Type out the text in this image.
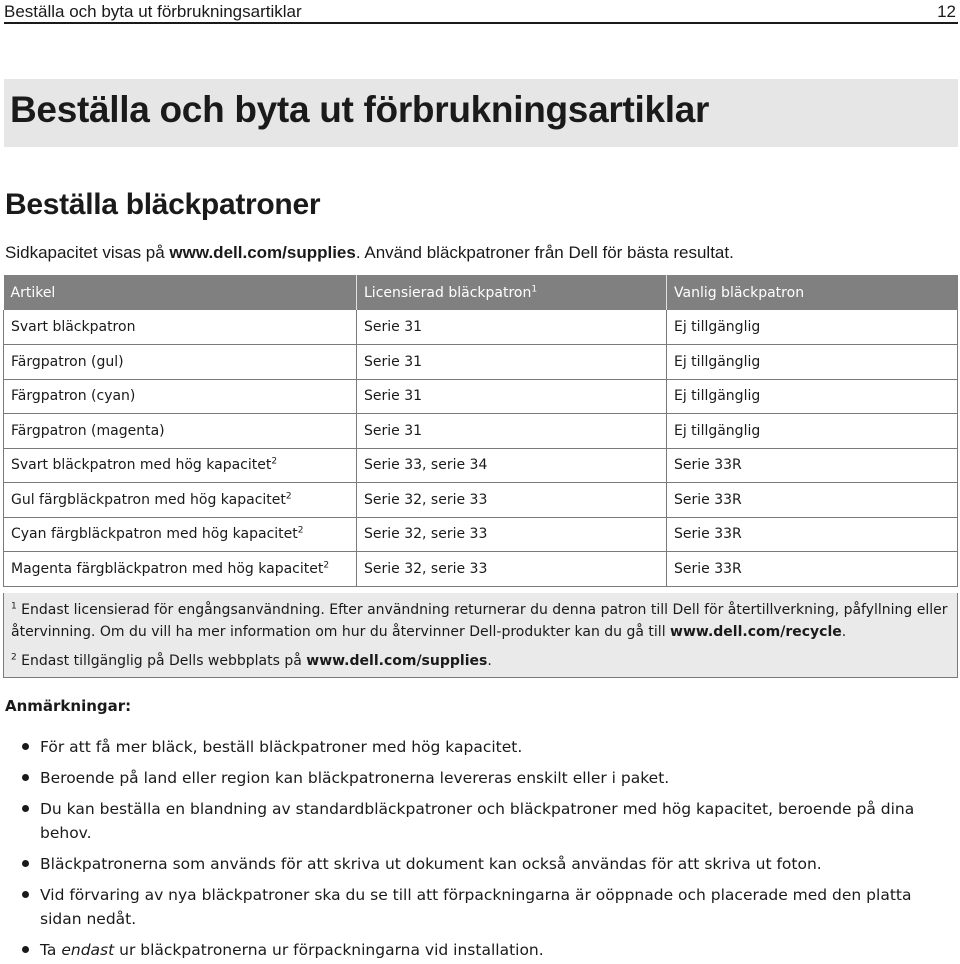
Beställa och byta ut förbrukningsartiklar	12
Beställa och byta ut förbrukningsartiklar
Beställa bläckpatroner

Sidkapacitet visas på www.dell.com/supplies. Använd bläckpatroner från Dell för bästa resultat.

Artikel	Licensierad bläckpatron$^1$	Vanlig bläckpatron
Svart bläckpatron	Serie 31	Ej tillgänglig
Färgpatron (gul)	Serie 31	Ej tillgänglig
Färgpatron (cyan)	Serie 31	Ej tillgänglig
Färgpatron (magenta)	Serie 31	Ej tillgänglig
Svart bläckpatron med hög kapacitet$^2$	Serie 33, serie 34	Serie 33R
Gul färgbläckpatron med hög kapacitet$^2$	Serie 32, serie 33	Serie 33R
Cyan färgbläckpatron med hög kapacitet$^2$	Serie 32, serie 33	Serie 33R
Magenta färgbläckpatron med hög kapacitet$^2$	Serie 32, serie 33	Serie 33R
$^1$ Endast licensierad för engångsanvändning. Efter användning returnerar du denna patron till Dell för återtillverkning, påfyllning eller återvinning. Om du vill ha mer information om hur du återvinner Dell-produkter kan du gå till www.dell.com/recycle.
$^2$ Endast tillgänglig på Dells webbplats på www.dell.com/supplies.
Anmärkningar:
För att få mer bläck, beställ bläckpatroner med hög kapacitet.
Beroende på land eller region kan bläckpatronerna levereras enskilt eller i paket.
Du kan beställa en blandning av standardbläckpatroner och bläckpatroner med hög kapacitet, beroende på dina behov.
Bläckpatronerna som används för att skriva ut dokument kan också användas för att skriva ut foton.
Vid förvaring av nya bläckpatroner ska du se till att förpackningarna är oöppnade och placerade med den platta sidan nedåt.
Ta endast ur bläckpatronerna ur förpackningarna vid installation.
